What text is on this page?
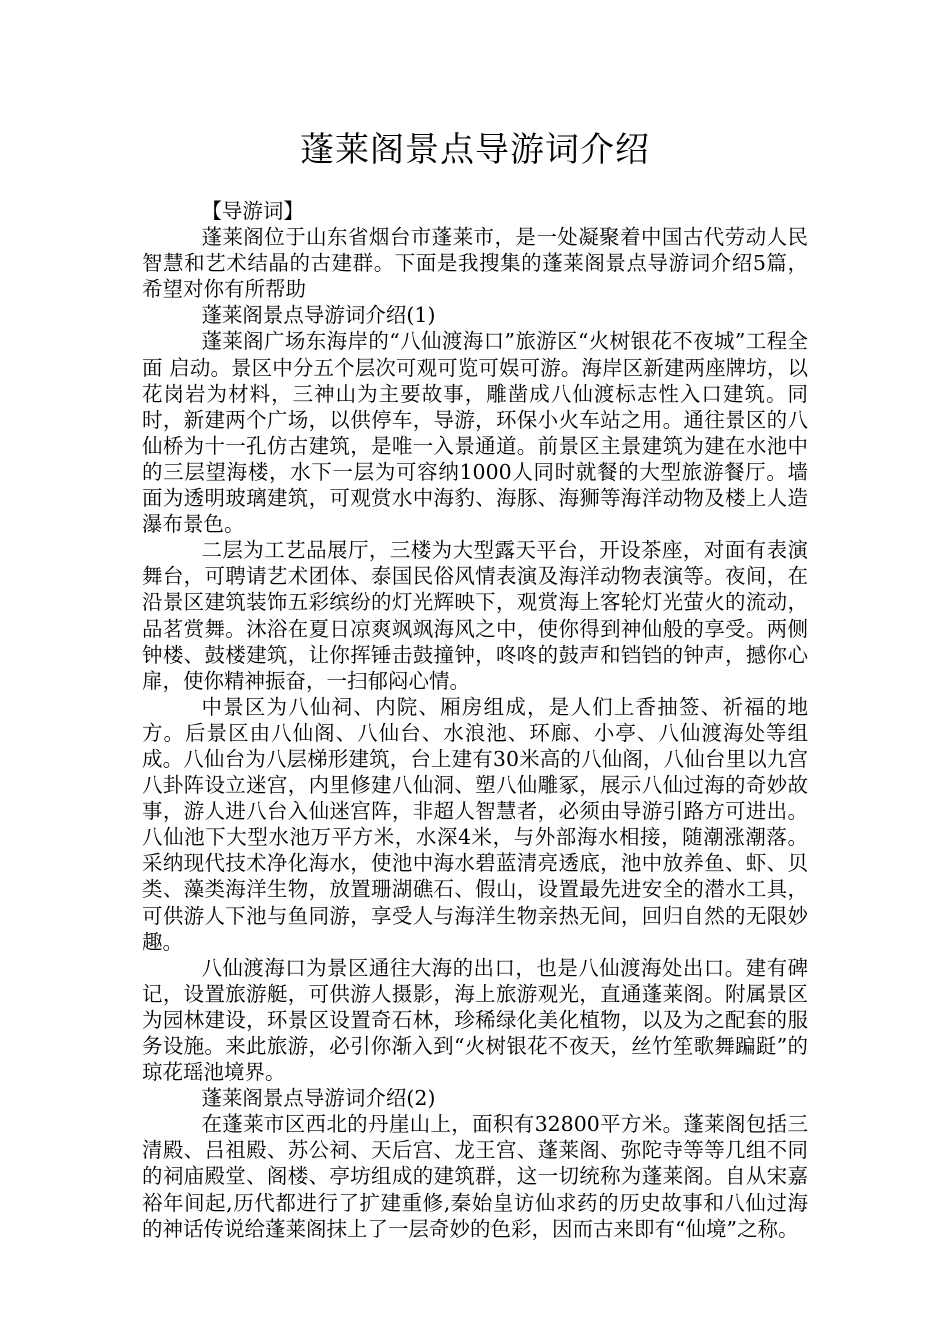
蓬莱阁景点导游词介绍

【导游词】

蓬莱阁位于山东省烟台市蓬莱市，是一处凝聚着中国古代劳动人民智慧和艺术结晶的古建群。下面是我搜集的蓬莱阁景点导游词介绍5篇，希望对你有所帮助

蓬莱阁景点导游词介绍(1)

蓬莱阁广场东海岸的“八仙渡海口”旅游区“火树银花不夜城”工程全面 启动。景区中分五个层次可观可览可娱可游。海岸区新建两座牌坊，以花岗岩为材料，三神山为主要故事，雕凿成八仙渡标志性入口建筑。同时，新建两个广场，以供停车，导游，环保小火车站之用。通往景区的八仙桥为十一孔仿古建筑，是唯一入景通道。前景区主景建筑为建在水池中的三层望海楼，水下一层为可容纳1000人同时就餐的大型旅游餐厅。墙面为透明玻璃建筑，可观赏水中海豹、海豚、海狮等海洋动物及楼上人造瀑布景色。

二层为工艺品展厅，三楼为大型露天平台，开设茶座，对面有表演舞台，可聘请艺术团体、泰国民俗风情表演及海洋动物表演等。夜间，在沿景区建筑装饰五彩缤纷的灯光辉映下，观赏海上客轮灯光萤火的流动，品茗赏舞。沐浴在夏日凉爽飒飒海风之中，使你得到神仙般的享受。两侧钟楼、鼓楼建筑，让你挥锤击鼓撞钟，咚咚的鼓声和铛铛的钟声，撼你心扉，使你精神振奋，一扫郁闷心情。

中景区为八仙祠、内院、厢房组成，是人们上香抽签、祈福的地方。后景区由八仙阁、八仙台、水浪池、环廊、小亭、八仙渡海处等组成。八仙台为八层梯形建筑，台上建有30米高的八仙阁，八仙台里以九宫八卦阵设立迷宫，内里修建八仙洞、塑八仙雕冢，展示八仙过海的奇妙故事，游人进八台入仙迷宫阵，非超人智慧者，必须由导游引路方可进出。八仙池下大型水池万平方米，水深4米，与外部海水相接，随潮涨潮落。采纳现代技术净化海水，使池中海水碧蓝清亮透底，池中放养鱼、虾、贝类、藻类海洋生物，放置珊湖礁石、假山，设置最先进安全的潜水工具，可供游人下池与鱼同游，享受人与海洋生物亲热无间，回归自然的无限妙趣。

八仙渡海口为景区通往大海的出口，也是八仙渡海处出口。建有碑记，设置旅游艇，可供游人摄影，海上旅游观光，直通蓬莱阁。附属景区为园林建设，环景区设置奇石林，珍稀绿化美化植物，以及为之配套的服务设施。来此旅游，必引你渐入到“火树银花不夜天，丝竹笙歌舞蹁跹”的琼花瑶池境界。

蓬莱阁景点导游词介绍(2)

在蓬莱市区西北的丹崖山上，面积有32800平方米。蓬莱阁包括三清殿、吕祖殿、苏公祠、天后宫、龙王宫、蓬莱阁、弥陀寺等等几组不同的祠庙殿堂、阁楼、亭坊组成的建筑群，这一切统称为蓬莱阁。自从宋嘉裕年间起,历代都进行了扩建重修,秦始皇访仙求药的历史故事和八仙过海的神话传说给蓬莱阁抹上了一层奇妙的色彩，因而古来即有“仙境”之称。
